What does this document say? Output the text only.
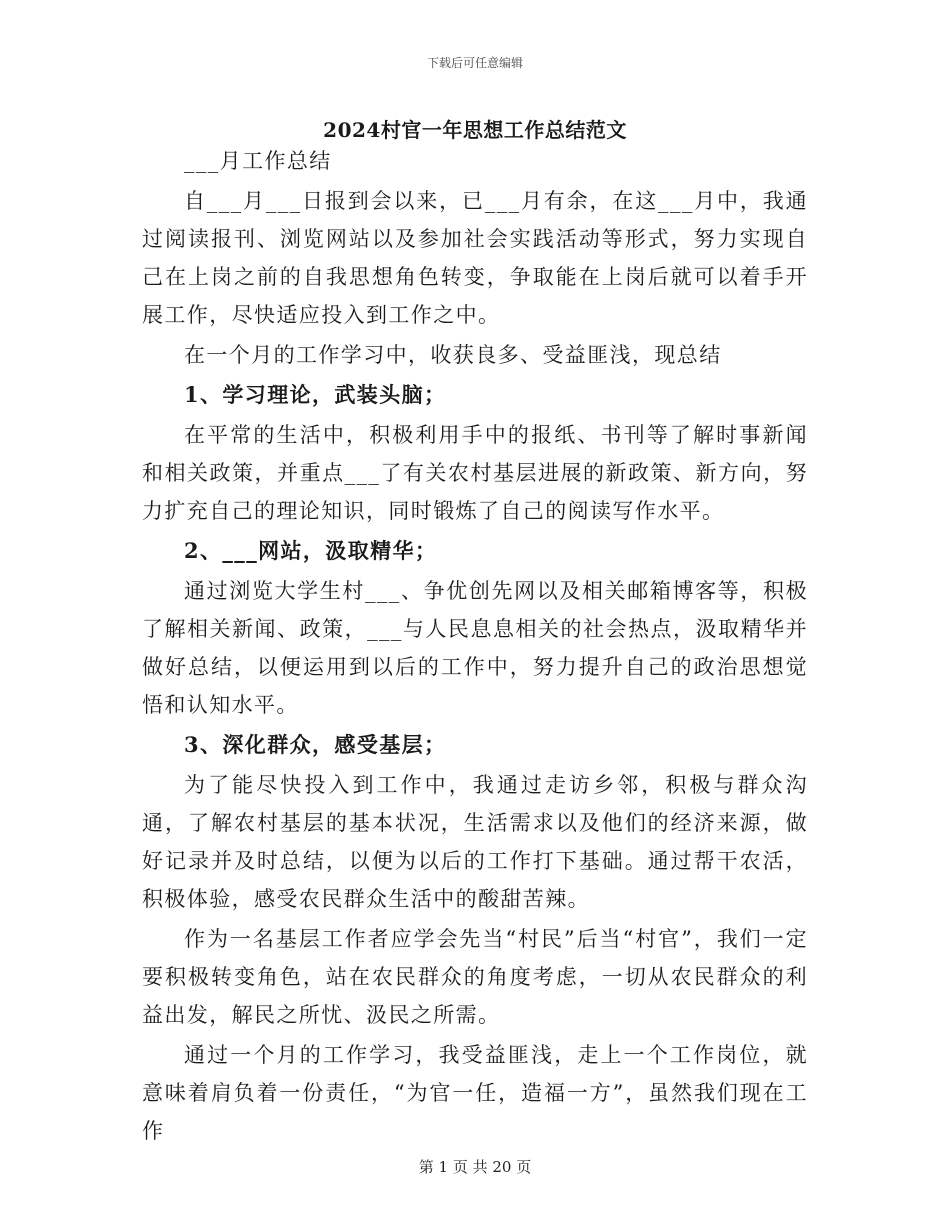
下载后可任意编辑
2024村官一年思想工作总结范文

___月工作总结

自___月___日报到会以来，已___月有余，在这___月中，我通过阅读报刊、浏览网站以及参加社会实践活动等形式，努力实现自己在上岗之前的自我思想角色转变，争取能在上岗后就可以着手开展工作，尽快适应投入到工作之中。

在一个月的工作学习中，收获良多、受益匪浅，现总结

1、学习理论，武装头脑；

在平常的生活中，积极利用手中的报纸、书刊等了解时事新闻和相关政策，并重点___了有关农村基层进展的新政策、新方向，努力扩充自己的理论知识，同时锻炼了自己的阅读写作水平。

2、___网站，汲取精华；

通过浏览大学生村___、争优创先网以及相关邮箱博客等，积极了解相关新闻、政策，___与人民息息相关的社会热点，汲取精华并做好总结，以便运用到以后的工作中，努力提升自己的政治思想觉悟和认知水平。

3、深化群众，感受基层；

为了能尽快投入到工作中，我通过走访乡邻，积极与群众沟通，了解农村基层的基本状况，生活需求以及他们的经济来源，做好记录并及时总结，以便为以后的工作打下基础。通过帮干农活，积极体验，感受农民群众生活中的酸甜苦辣。

作为一名基层工作者应学会先当“村民”后当“村官”，我们一定要积极转变角色，站在农民群众的角度考虑，一切从农民群众的利益出发，解民之所忧、汲民之所需。

通过一个月的工作学习，我受益匪浅，走上一个工作岗位，就意味着肩负着一份责任，“为官一任，造福一方”，虽然我们现在工作

第 1 页 共 20 页
